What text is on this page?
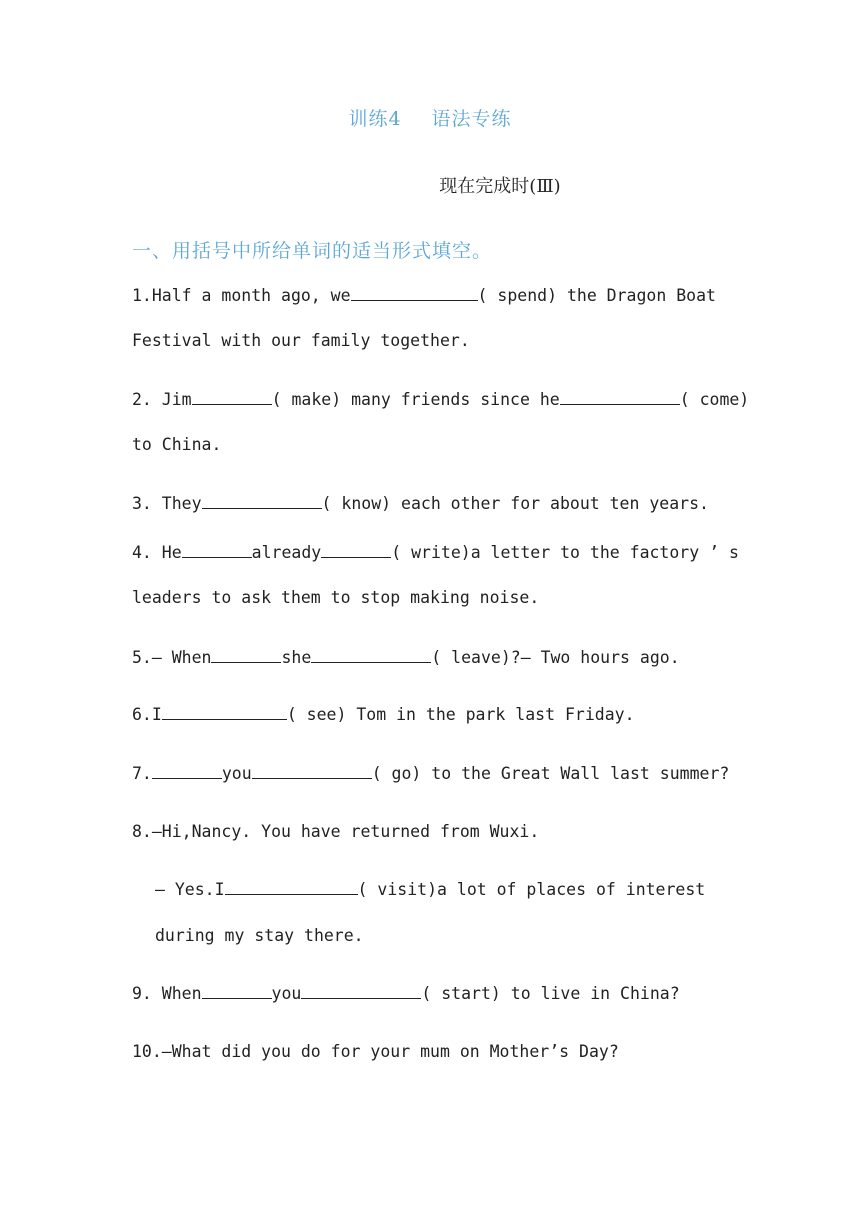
训练4 语法专练
现在完成时(Ⅲ)
一、用括号中所给单词的适当形式填空。
1.Half a month ago, we	( spend) the Dragon Boat
Festival with our family together.
2. Jim	( make) many friends since he	( come)
to China.
3. They	( know) each other for about ten years.
4. He	already	( write)a letter to the factory ’ s
leaders to ask them to stop making noise.
5.— When	she	( leave)?— Two hours ago.
6.I	( see) Tom in the park last Friday.
7.	you	( go) to the Great Wall last summer?
8.—Hi,Nancy. You have returned from Wuxi.
— Yes.I	( visit)a lot of places of interest
during my stay there.
9. When	you	( start) to live in China?
10.—What did you do for your mum on Mother’s Day?
